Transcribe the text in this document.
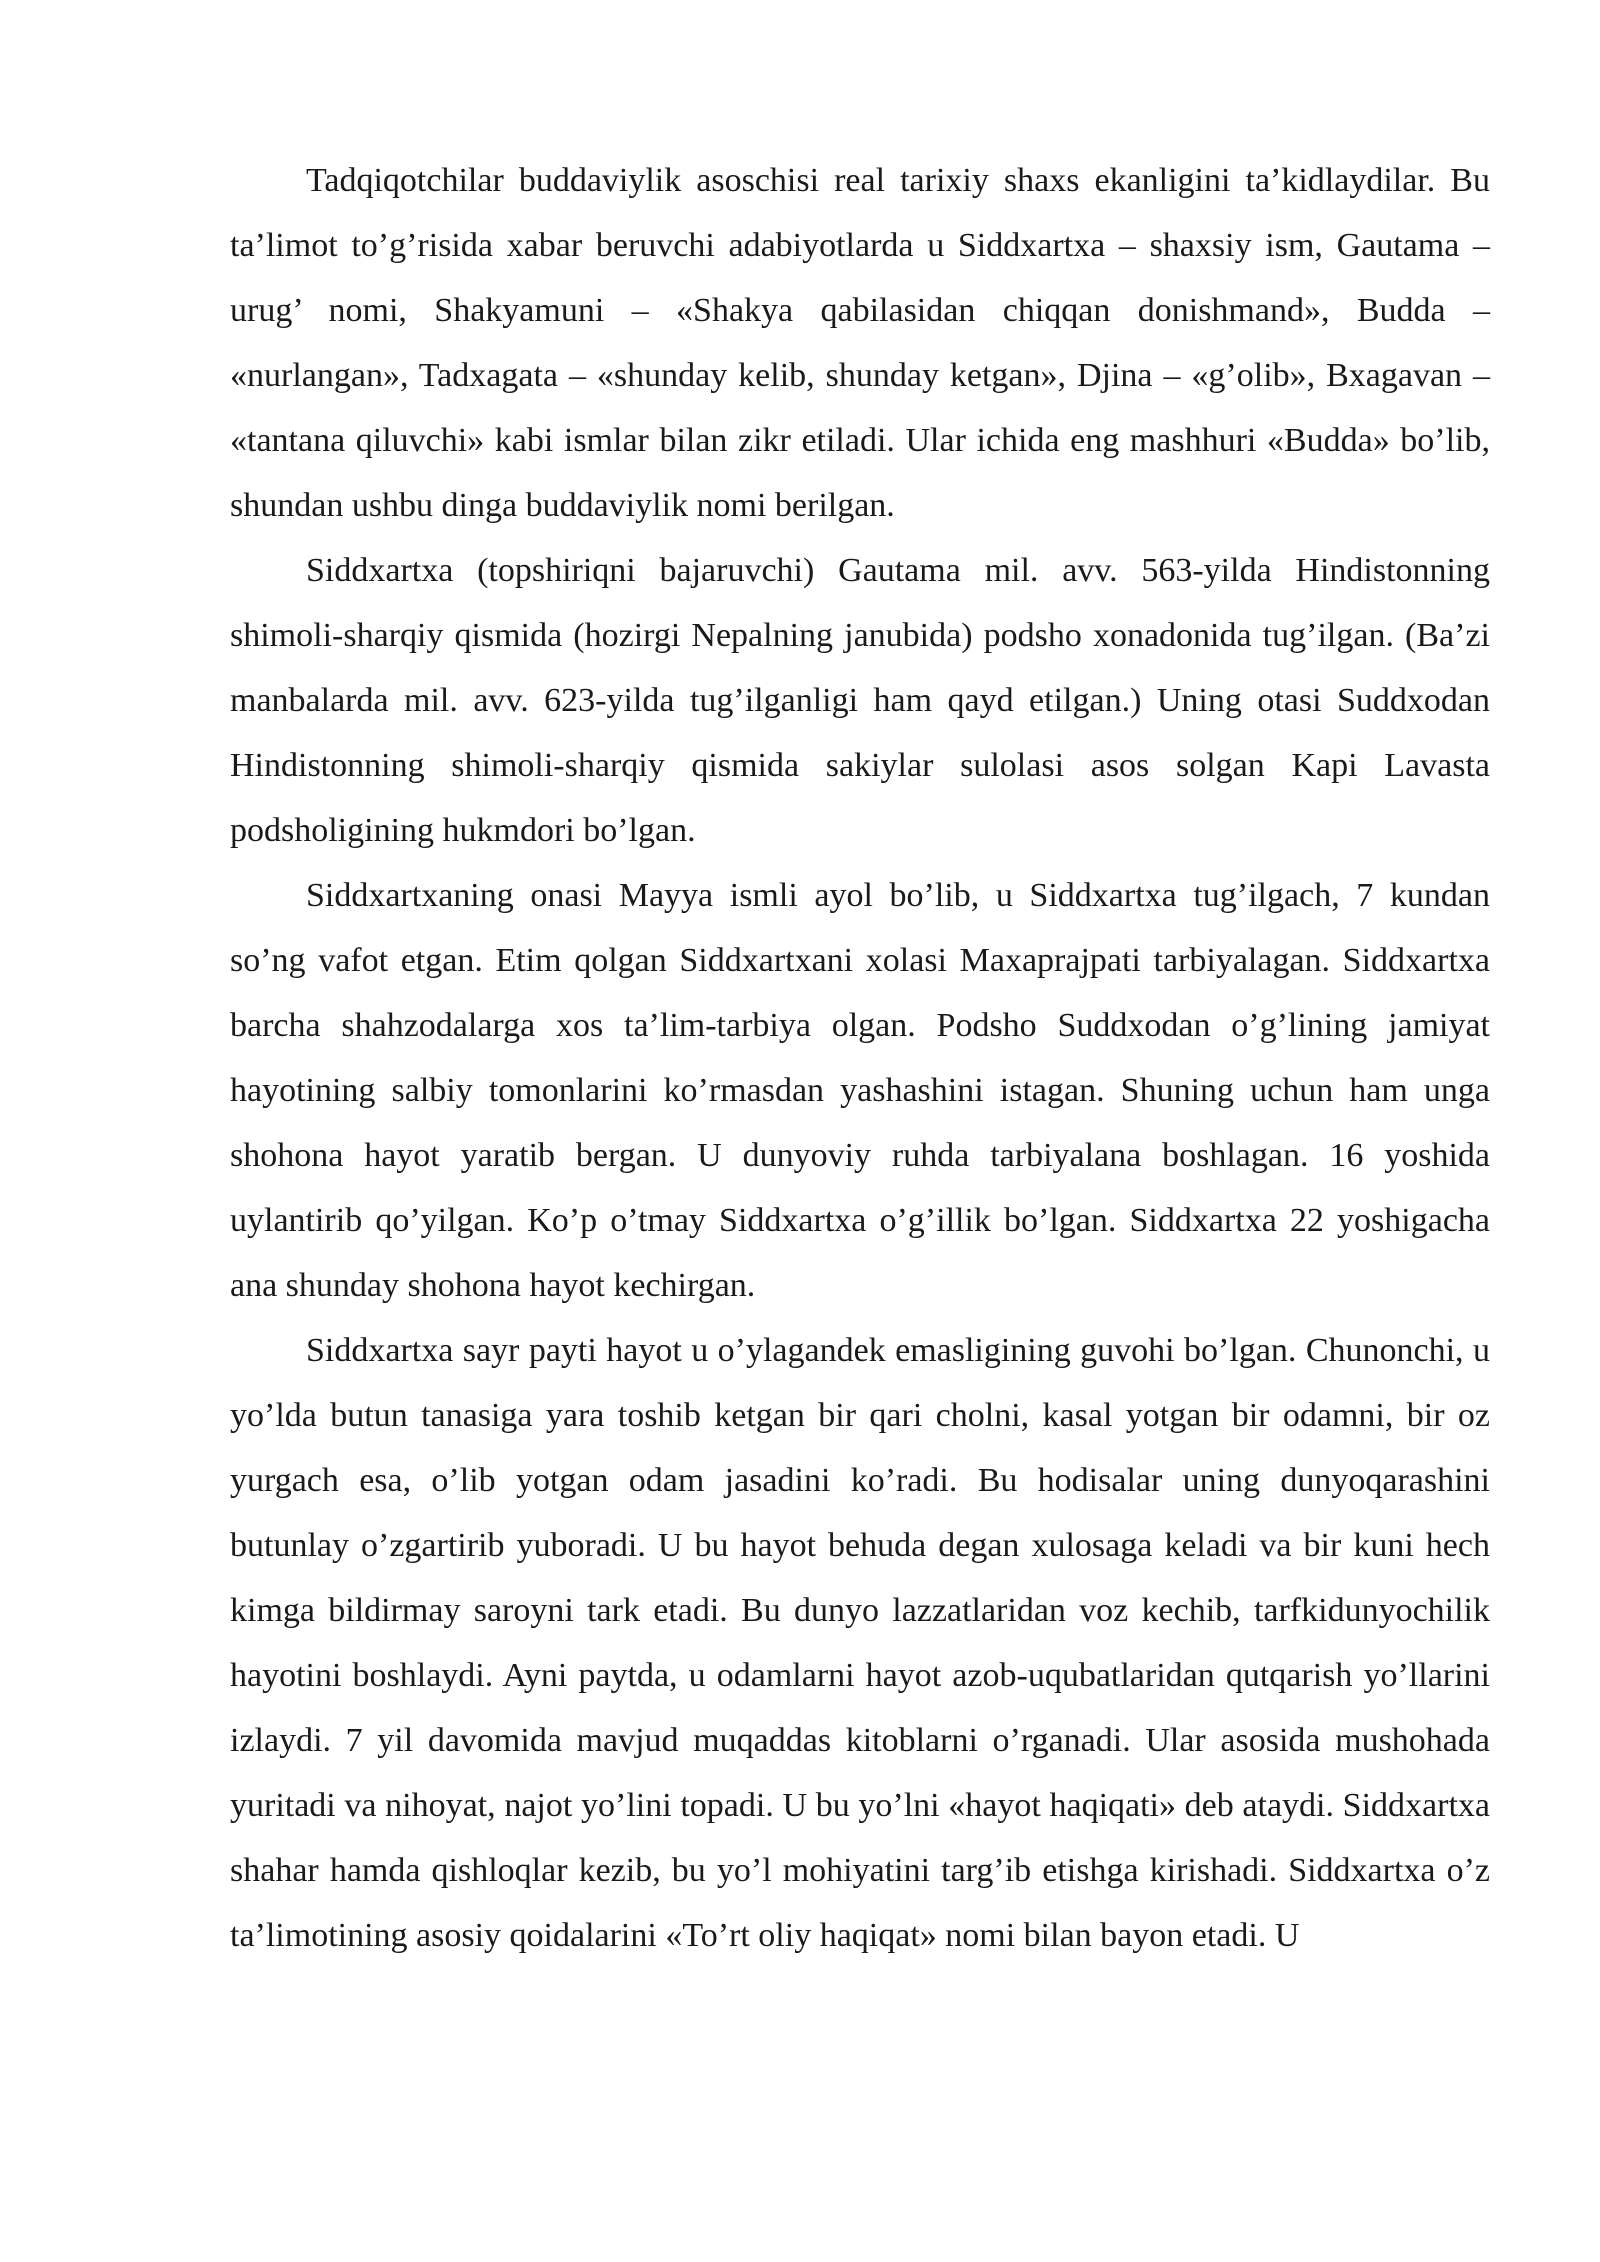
Tadqiqotchilar buddaviylik asoschisi real tarixiy shaxs ekanligini ta’kidlaydilar. Bu ta’limot to’g’risida xabar beruvchi adabiyotlarda u Siddxartxa – shaxsiy ism, Gautama – urug’ nomi, Shakyamuni – «Shakya qabilasidan chiqqan donishmand», Budda – «nurlangan», Tadxagata – «shunday kelib, shunday ketgan», Djina – «g’olib», Bxagavan – «tantana qiluvchi» kabi ismlar bilan zikr etiladi. Ular ichida eng mashhuri «Budda» bo’lib, shundan ushbu dinga buddaviylik nomi berilgan.

Siddxartxa (topshiriqni bajaruvchi) Gautama mil. avv. 563-yilda Hindistonning shimoli-sharqiy qismida (hozirgi Nepalning janubida) podsho xonadonida tug’ilgan. (Ba’zi manbalarda mil. avv. 623-yilda tug’ilganligi ham qayd etilgan.) Uning otasi Suddxodan Hindistonning shimoli-sharqiy qismida sakiylar sulolasi asos solgan Kapi Lavasta podsholigining hukmdori bo’lgan.

Siddxartxaning onasi Mayya ismli ayol bo’lib, u Siddxartxa tug’ilgach, 7 kundan so’ng vafot etgan. Etim qolgan Siddxartxani xolasi Maxaprajpati tarbiyalagan. Siddxartxa barcha shahzodalarga xos ta’lim-tarbiya olgan. Podsho Suddxodan o’g’lining jamiyat hayotining salbiy tomonlarini ko’rmasdan yashashini istagan. Shuning uchun ham unga shohona hayot yaratib bergan. U dunyoviy ruhda tarbiyalana boshlagan. 16 yoshida uylantirib qo’yilgan. Ko’p o’tmay Siddxartxa o’g’illik bo’lgan. Siddxartxa 22 yoshigacha ana shunday shohona hayot kechirgan.

Siddxartxa sayr payti hayot u o’ylagandek emasligining guvohi bo’lgan. Chunonchi, u yo’lda butun tanasiga yara toshib ketgan bir qari cholni, kasal yotgan bir odamni, bir oz yurgach esa, o’lib yotgan odam jasadini ko’radi. Bu hodisalar uning dunyoqarashini butunlay o’zgartirib yuboradi. U bu hayot behuda degan xulosaga keladi va bir kuni hech kimga bildirmay saroyni tark etadi. Bu dunyo lazzatlaridan voz kechib, tarfkidunyochilik hayotini boshlaydi. Ayni paytda, u odamlarni hayot azob-uqubatlaridan qutqarish yo’llarini izlaydi. 7 yil davomida mavjud muqaddas kitoblarni o’rganadi. Ular asosida mushohada yuritadi va nihoyat, najot yo’lini topadi. U bu yo’lni «hayot haqiqati» deb ataydi. Siddxartxa shahar hamda qishloqlar kezib, bu yo’l mohiyatini targ’ib etishga kirishadi. Siddxartxa o’z ta’limotining asosiy qoidalarini «To’rt oliy haqiqat» nomi bilan bayon etadi. U
